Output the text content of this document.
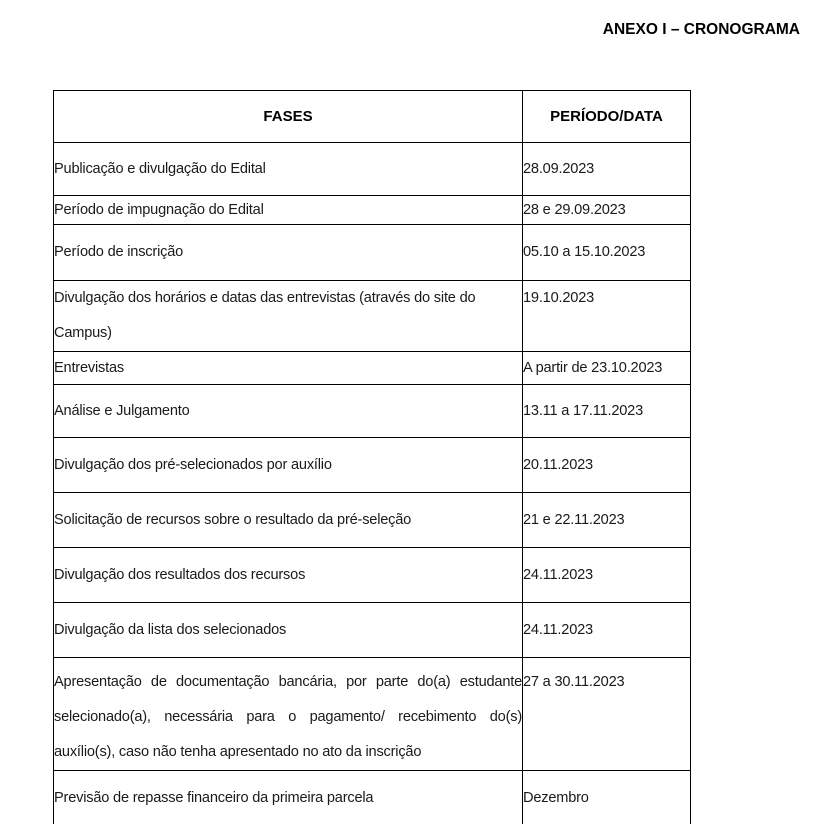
ANEXO I – CRONOGRAMA
FASES	PERÍODO/DATA
Publicação e divulgação do Edital	28.09.2023
Período de impugnação do Edital	28 e 29.09.2023
Período de inscrição	05.10 a 15.10.2023
Divulgação dos horários e datas das entrevistas (através do site do Campus)	19.10.2023
Entrevistas	A partir de 23.10.2023
Análise e Julgamento	13.11 a 17.11.2023
Divulgação dos pré-selecionados por auxílio	20.11.2023
Solicitação de recursos sobre o resultado da pré-seleção	21 e 22.11.2023
Divulgação dos resultados dos recursos	24.11.2023
Divulgação da lista dos selecionados	24.11.2023
Apresentação de documentação bancária, por parte do(a) estudante selecionado(a), necessária para o pagamento/ recebimento do(s) auxílio(s), caso não tenha apresentado no ato da inscrição	27 a 30.11.2023
Previsão de repasse financeiro da primeira parcela	Dezembro
